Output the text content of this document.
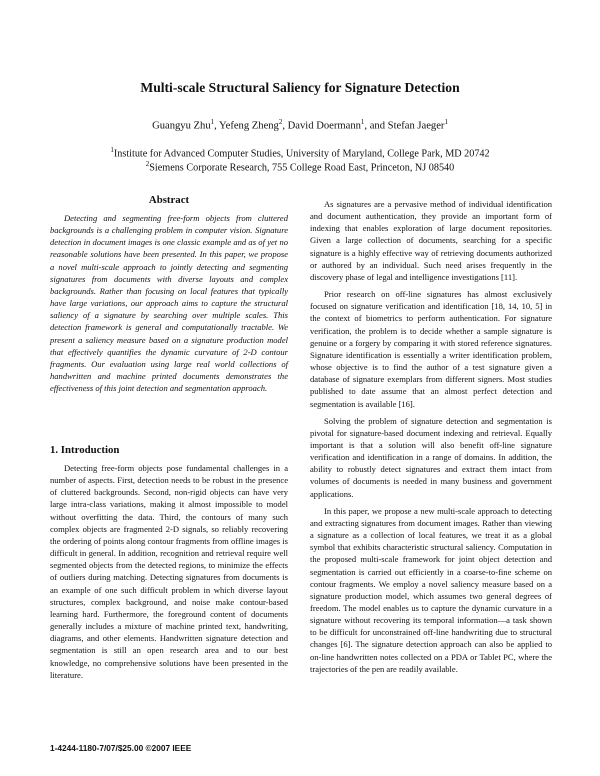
Multi-scale Structural Saliency for Signature Detection
Guangyu Zhu$^1$, Yefeng Zheng$^2$, David Doermann$^1$, and Stefan Jaeger$^1$
$^1$Institute for Advanced Computer Studies, University of Maryland, College Park, MD 20742
$^2$Siemens Corporate Research, 755 College Road East, Princeton, NJ 08540
Abstract

Detecting and segmenting free-form objects from cluttered backgrounds is a challenging problem in computer vision. Signature detection in document images is one classic example and as of yet no reasonable solutions have been presented. In this paper, we propose a novel multi-scale approach to jointly detecting and segmenting signatures from documents with diverse layouts and complex backgrounds. Rather than focusing on local features that typically have large variations, our approach aims to capture the structural saliency of a signature by searching over multiple scales. This detection framework is general and computationally tractable. We present a saliency measure based on a signature production model that effectively quantifies the dynamic curvature of 2-D contour fragments. Our evaluation using large real world collections of handwritten and machine printed documents demonstrates the effectiveness of this joint detection and segmentation approach.

1. Introduction

Detecting free-form objects pose fundamental challenges in a number of aspects. First, detection needs to be robust in the presence of cluttered backgrounds. Second, non-rigid objects can have very large intra-class variations, making it almost impossible to model without overfitting the data. Third, the contours of many such complex objects are fragmented 2-D signals, so reliably recovering the ordering of points along contour fragments from offline images is difficult in general. In addition, recognition and retrieval require well segmented objects from the detected regions, to minimize the effects of outliers during matching. Detecting signatures from documents is an example of one such difficult problem in which diverse layout structures, complex background, and noise make contour-based learning hard. Furthermore, the foreground content of documents generally includes a mixture of machine printed text, handwriting, diagrams, and other elements. Handwritten signature detection and segmentation is still an open research area and to our best knowledge, no comprehensive solutions have been presented in the literature.

As signatures are a pervasive method of individual identification and document authentication, they provide an important form of indexing that enables exploration of large document repositories. Given a large collection of documents, searching for a specific signature is a highly effective way of retrieving documents authorized or authored by an individual. Such need arises frequently in the discovery phase of legal and intelligence investigations [11].

Prior research on off-line signatures has almost exclusively focused on signature verification and identification [18, 14, 10, 5] in the context of biometrics to perform authentication. For signature verification, the problem is to decide whether a sample signature is genuine or a forgery by comparing it with stored reference signatures. Signature identification is essentially a writer identification problem, whose objective is to find the author of a test signature given a database of signature exemplars from different signers. Most studies published to date assume that an almost perfect detection and segmentation is available [16].

Solving the problem of signature detection and segmentation is pivotal for signature-based document indexing and retrieval. Equally important is that a solution will also benefit off-line signature verification and identification in a range of domains. In addition, the ability to robustly detect signatures and extract them intact from volumes of documents is needed in many business and government applications.

In this paper, we propose a new multi-scale approach to detecting and extracting signatures from document images. Rather than viewing a signature as a collection of local features, we treat it as a global symbol that exhibits characteristic structural saliency. Computation in the proposed multi-scale framework for joint object detection and segmentation is carried out efficiently in a coarse-to-fine scheme on contour fragments. We employ a novel saliency measure based on a signature production model, which assumes two general degrees of freedom. The model enables us to capture the dynamic curvature in a signature without recovering its temporal information—a task shown to be difficult for unconstrained off-line handwriting due to structural changes [6]. The signature detection approach can also be applied to on-line handwritten notes collected on a PDA or Tablet PC, where the trajectories of the pen are readily available.

1-4244-1180-7/07/$25.00 ©2007 IEEE
